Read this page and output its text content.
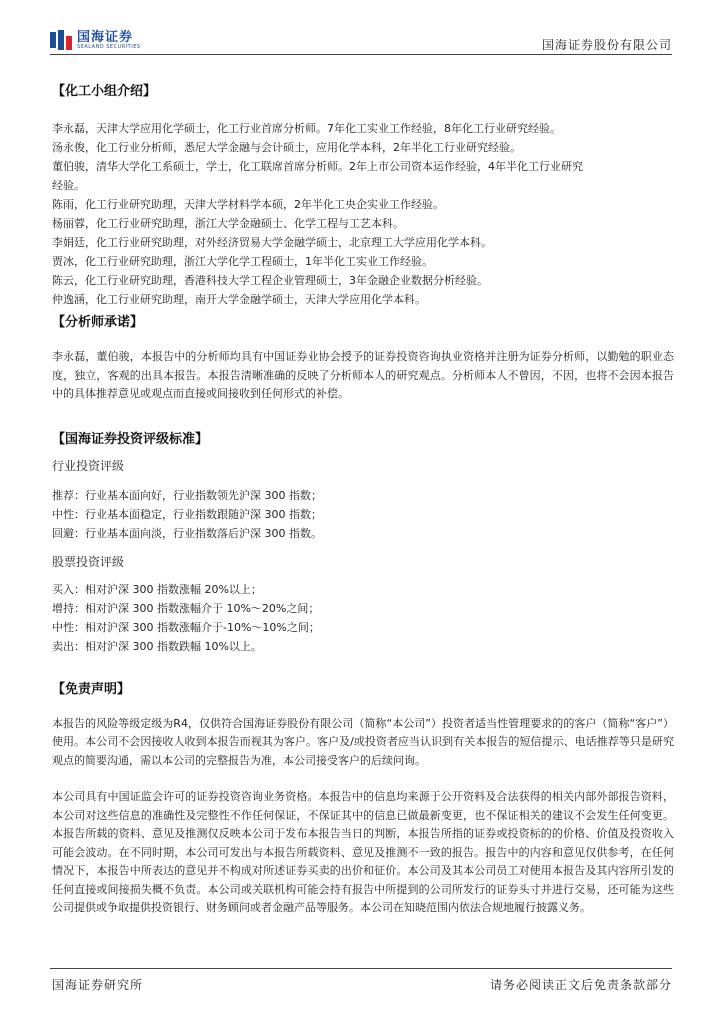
国海证券
SEALAND SECURITIES	国海证券股份有限公司
【化工小组介绍】

李永磊，天津大学应用化学硕士，化工行业首席分析师。7年化工实业工作经验，8年化工行业研究经验。

汤永俊，化工行业分析师，悉尼大学金融与会计硕士，应用化学本科，2年半化工行业研究经验。

董伯骏，清华大学化工系硕士，学士，化工联席首席分析师。2年上市公司资本运作经验，4年半化工行业研究

经验。

陈雨，化工行业研究助理，天津大学材料学本硕，2年半化工央企实业工作经验。

杨丽蓉，化工行业研究助理，浙江大学金融硕士、化学工程与工艺本科。

李娟廷，化工行业研究助理，对外经济贸易大学金融学硕士，北京理工大学应用化学本科。

贾冰，化工行业研究助理，浙江大学化学工程硕士，1年半化工实业工作经验。

陈云，化工行业研究助理，香港科技大学工程企业管理硕士，3年金融企业数据分析经验。

仲逸涵，化工行业研究助理，南开大学金融学硕士，天津大学应用化学本科。

【分析师承诺】

李永磊，董伯骏，本报告中的分析师均具有中国证券业协会授予的证券投资咨询执业资格并注册为证券分析师，以勤勉的职业态度，独立，客观的出具本报告。本报告清晰准确的反映了分析师本人的研究观点。分析师本人不曾因，不因，也将不会因本报告中的具体推荐意见或观点而直接或间接收到任何形式的补偿。

【国海证券投资评级标准】

行业投资评级

推荐：行业基本面向好，行业指数领先沪深 300 指数；

中性：行业基本面稳定，行业指数跟随沪深 300 指数；

回避：行业基本面向淡，行业指数落后沪深 300 指数。

股票投资评级

买入：相对沪深 300 指数涨幅 20%以上；

增持：相对沪深 300 指数涨幅介于 10%～20%之间；

中性：相对沪深 300 指数涨幅介于-10%～10%之间；

卖出：相对沪深 300 指数跌幅 10%以上。

【免责声明】

本报告的风险等级定级为R4，仅供符合国海证券股份有限公司（简称“本公司”）投资者适当性管理要求的的客户（简称“客户”）使用。本公司不会因接收人收到本报告而视其为客户。客户及/或投资者应当认识到有关本报告的短信提示、电话推荐等只是研究观点的简要沟通，需以本公司的完整报告为准，本公司接受客户的后续问询。

本公司具有中国证监会许可的证券投资咨询业务资格。本报告中的信息均来源于公开资料及合法获得的相关内部外部报告资料，本公司对这些信息的准确性及完整性不作任何保证，不保证其中的信息已做最新变更，也不保证相关的建议不会发生任何变更。本报告所载的资料、意见及推测仅反映本公司于发布本报告当日的判断，本报告所指的证券或投资标的的价格、价值及投资收入可能会波动。在不同时期，本公司可发出与本报告所载资料、意见及推测不一致的报告。报告中的内容和意见仅供参考，在任何情况下，本报告中所表达的意见并不构成对所述证券买卖的出价和征价。本公司及其本公司员工对使用本报告及其内容所引发的任何直接或间接损失概不负责。本公司或关联机构可能会持有报告中所提到的公司所发行的证券头寸并进行交易，还可能为这些公司提供或争取提供投资银行、财务顾问或者金融产品等服务。本公司在知晓范围内依法合规地履行披露义务。

国海证券研究所	请务必阅读正文后免责条款部分
